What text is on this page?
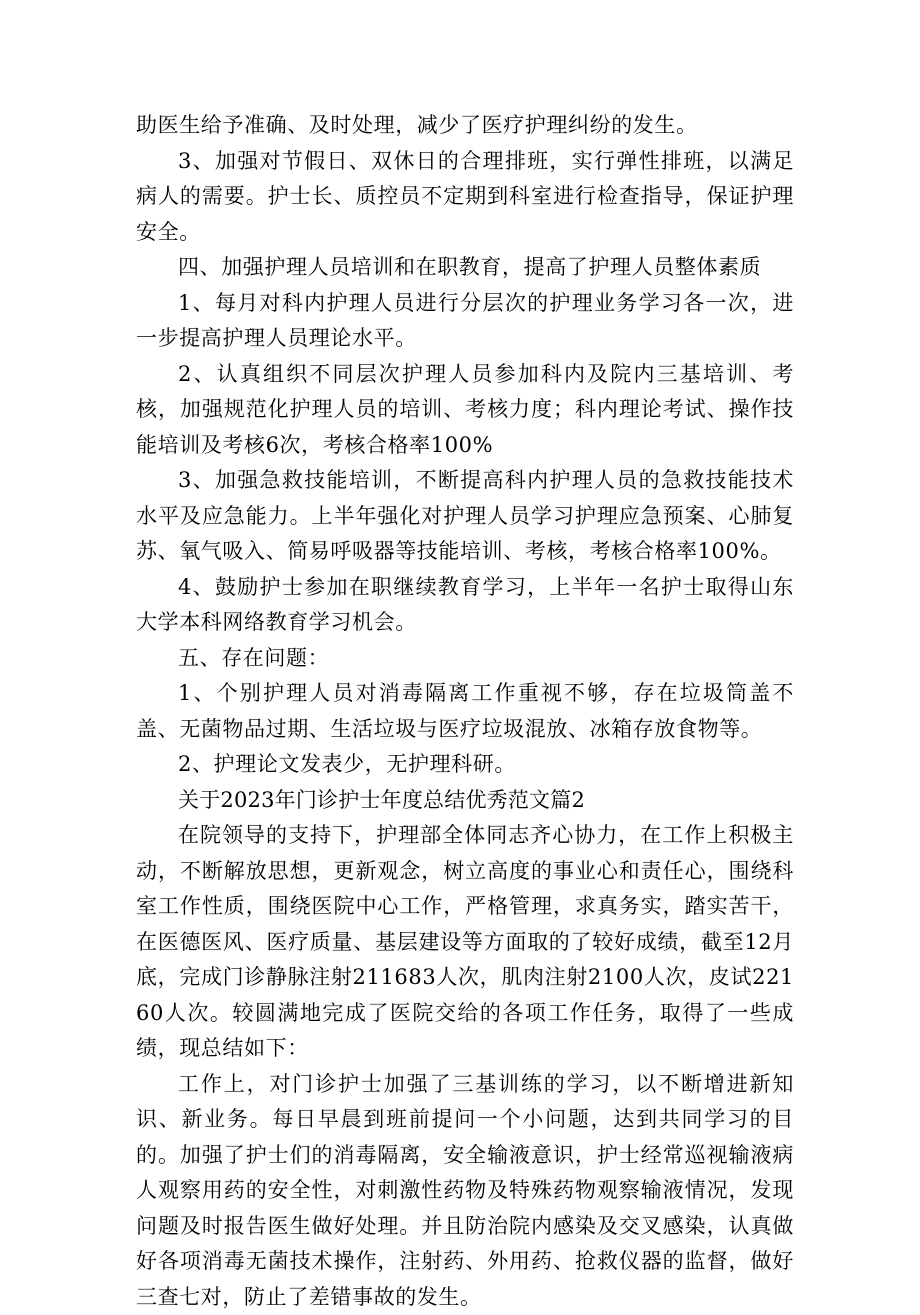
助医生给予准确、及时处理，减少了医疗护理纠纷的发生。

3、加强对节假日、双休日的合理排班，实行弹性排班，以满足病人的需要。护士长、质控员不定期到科室进行检查指导，保证护理安全。

四、加强护理人员培训和在职教育，提高了护理人员整体素质

1、每月对科内护理人员进行分层次的护理业务学习各一次，进一步提高护理人员理论水平。

2、认真组织不同层次护理人员参加科内及院内三基培训、考核，加强规范化护理人员的培训、考核力度；科内理论考试、操作技能培训及考核6次，考核合格率100%

3、加强急救技能培训，不断提高科内护理人员的急救技能技术水平及应急能力。上半年强化对护理人员学习护理应急预案、心肺复苏、氧气吸入、简易呼吸器等技能培训、考核，考核合格率100%。

4、鼓励护士参加在职继续教育学习，上半年一名护士取得山东大学本科网络教育学习机会。

五、存在问题：

1、个别护理人员对消毒隔离工作重视不够，存在垃圾筒盖不盖、无菌物品过期、生活垃圾与医疗垃圾混放、冰箱存放食物等。

2、护理论文发表少，无护理科研。

关于2023年门诊护士年度总结优秀范文篇2

在院领导的支持下，护理部全体同志齐心协力，在工作上积极主动，不断解放思想，更新观念，树立高度的事业心和责任心，围绕科室工作性质，围绕医院中心工作，严格管理，求真务实，踏实苦干，在医德医风、医疗质量、基层建设等方面取的了较好成绩，截至12月底，完成门诊静脉注射211683人次，肌肉注射2100人次，皮试22160人次。较圆满地完成了医院交给的各项工作任务，取得了一些成绩，现总结如下：

工作上，对门诊护士加强了三基训练的学习，以不断增进新知识、新业务。每日早晨到班前提问一个小问题，达到共同学习的目的。加强了护士们的消毒隔离，安全输液意识，护士经常巡视输液病人观察用药的安全性，对刺激性药物及特殊药物观察输液情况，发现问题及时报告医生做好处理。并且防治院内感染及交叉感染，认真做好各项消毒无菌技术操作，注射药、外用药、抢救仪器的监督，做好三查七对，防止了差错事故的发生。
